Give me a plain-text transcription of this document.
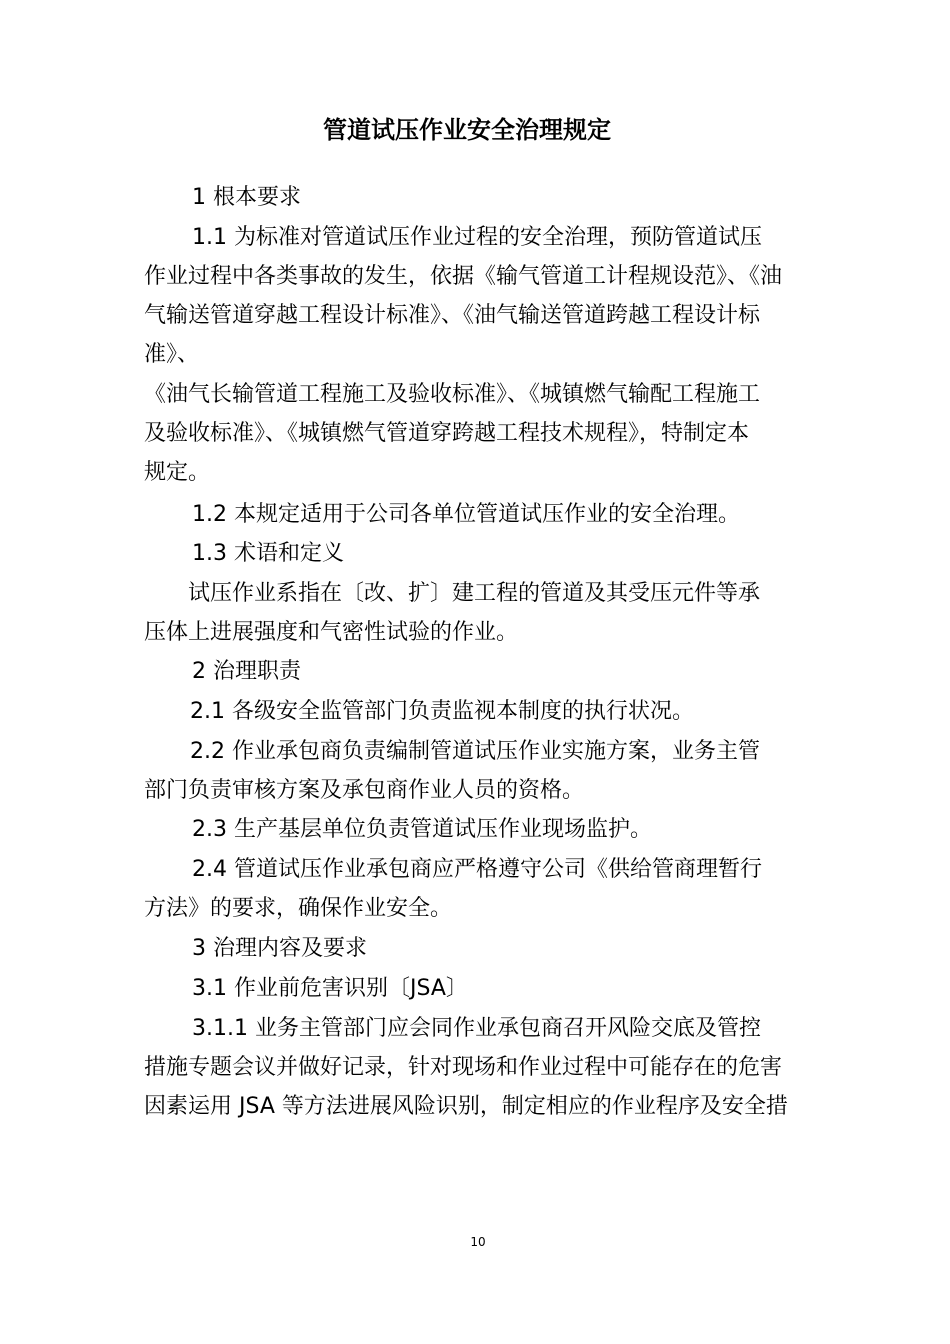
管道试压作业安全治理规定
1 根本要求
1.1 为标准对管道试压作业过程的安全治理，预防管道试压
作业过程中各类事故的发生，依据《输气管道工计程规设范》、《油
气输送管道穿越工程设计标准》、《油气输送管道跨越工程设计标
准》、
《油气长输管道工程施工及验收标准》、《城镇燃气输配工程施工
及验收标准》、《城镇燃气管道穿跨越工程技术规程》，特制定本
规定。
1.2 本规定适用于公司各单位管道试压作业的安全治理。
1.3 术语和定义
试压作业系指在〔改、扩〕建工程的管道及其受压元件等承
压体上进展强度和气密性试验的作业。
2 治理职责
2.1 各级安全监管部门负责监视本制度的执行状况。
2.2 作业承包商负责编制管道试压作业实施方案，业务主管
部门负责审核方案及承包商作业人员的资格。
2.3 生产基层单位负责管道试压作业现场监护。
2.4 管道试压作业承包商应严格遵守公司《供给管商理暂行
方法》的要求，确保作业安全。
3 治理内容及要求
3.1 作业前危害识别〔JSA〕
3.1.1 业务主管部门应会同作业承包商召开风险交底及管控
措施专题会议并做好记录，针对现场和作业过程中可能存在的危害
因素运用 JSA 等方法进展风险识别，制定相应的作业程序及安全措
10
